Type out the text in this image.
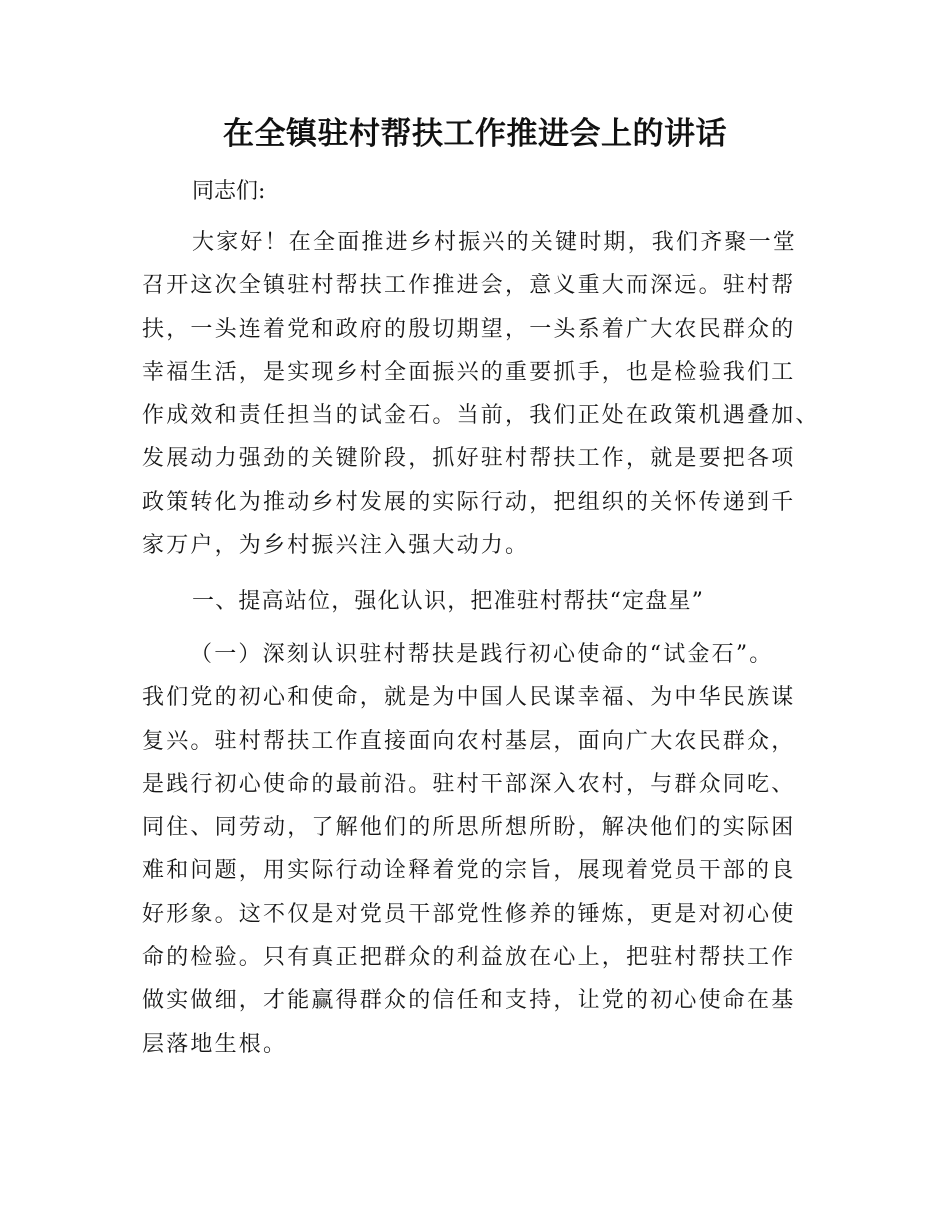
在全镇驻村帮扶工作推进会上的讲话
同志们:
大家好！在全面推进乡村振兴的关键时期，我们齐聚一堂
召开这次全镇驻村帮扶工作推进会，意义重大而深远。驻村帮
扶，一头连着党和政府的殷切期望，一头系着广大农民群众的
幸福生活，是实现乡村全面振兴的重要抓手，也是检验我们工
作成效和责任担当的试金石。当前，我们正处在政策机遇叠加、
发展动力强劲的关键阶段，抓好驻村帮扶工作，就是要把各项
政策转化为推动乡村发展的实际行动，把组织的关怀传递到千
家万户，为乡村振兴注入强大动力。
一、提高站位，强化认识，把准驻村帮扶“定盘星”
（一）深刻认识驻村帮扶是践行初心使命的“试金石”。
我们党的初心和使命，就是为中国人民谋幸福、为中华民族谋
复兴。驻村帮扶工作直接面向农村基层，面向广大农民群众，
是践行初心使命的最前沿。驻村干部深入农村，与群众同吃、
同住、同劳动，了解他们的所思所想所盼，解决他们的实际困
难和问题，用实际行动诠释着党的宗旨，展现着党员干部的良
好形象。这不仅是对党员干部党性修养的锤炼，更是对初心使
命的检验。只有真正把群众的利益放在心上，把驻村帮扶工作
做实做细，才能赢得群众的信任和支持，让党的初心使命在基
层落地生根。
